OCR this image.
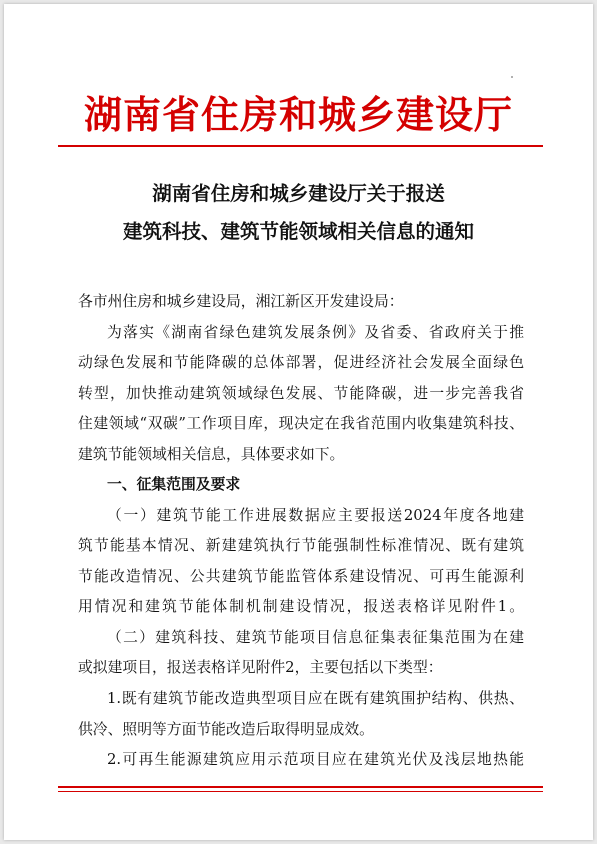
湖南省住房和城乡建设厅
湖南省住房和城乡建设厅关于报送
建筑科技、建筑节能领域相关信息的通知
各市州住房和城乡建设局，湘江新区开发建设局：
为落实《湖南省绿色建筑发展条例》及省委、省政府关于推
动绿色发展和节能降碳的总体部署，促进经济社会发展全面绿色
转型，加快推动建筑领域绿色发展、节能降碳，进一步完善我省
住建领域“双碳”工作项目库，现决定在我省范围内收集建筑科技、
建筑节能领域相关信息，具体要求如下。
一、征集范围及要求
（一）建筑节能工作进展数据应主要报送2024年度各地建
筑节能基本情况、新建建筑执行节能强制性标准情况、既有建筑
节能改造情况、公共建筑节能监管体系建设情况、可再生能源利
用情况和建筑节能体制机制建设情况，报送表格详见附件1。
（二）建筑科技、建筑节能项目信息征集表征集范围为在建
或拟建项目，报送表格详见附件2，主要包括以下类型：
1.既有建筑节能改造典型项目应在既有建筑围护结构、供热、
供冷、照明等方面节能改造后取得明显成效。
2.可再生能源建筑应用示范项目应在建筑光伏及浅层地热能
